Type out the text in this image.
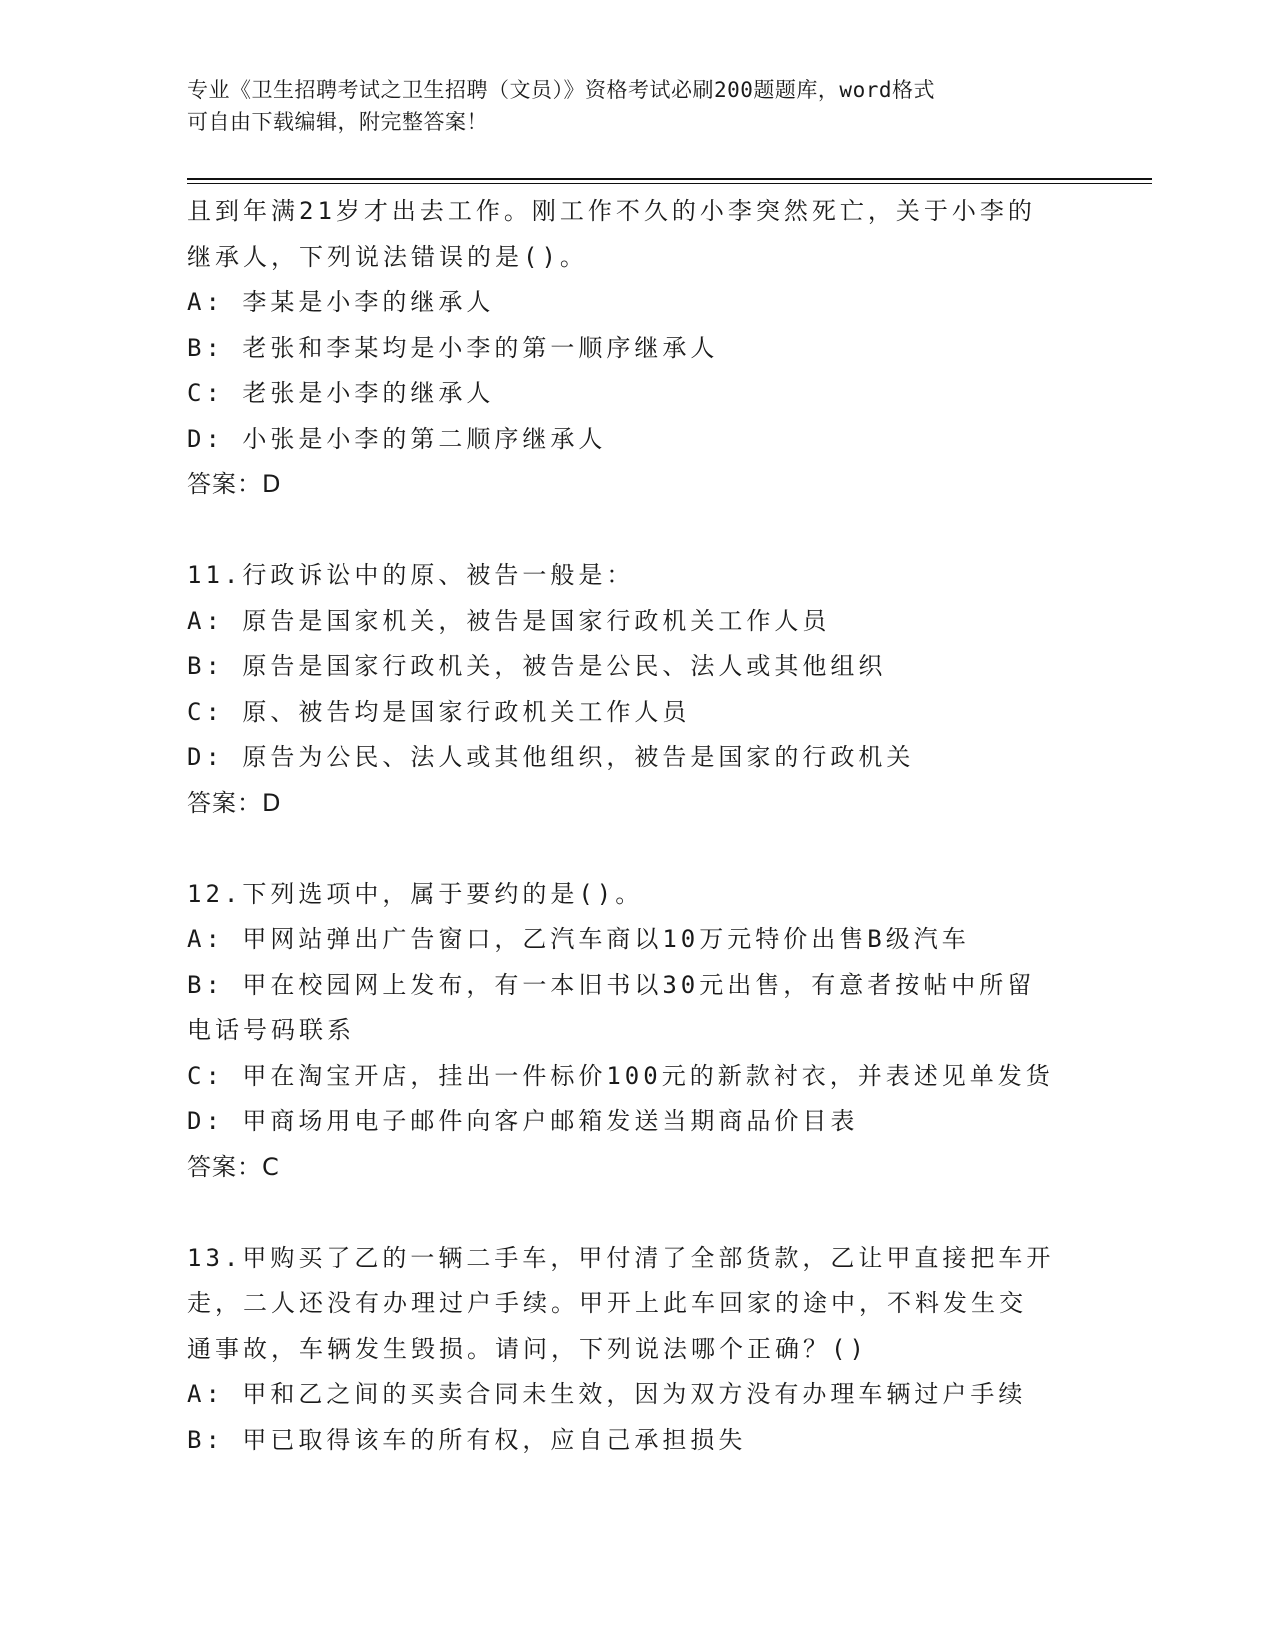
专业《卫生招聘考试之卫生招聘（文员）》资格考试必刷200题题库，word格式

可自由下载编辑，附完整答案！

且到年满21岁才出去工作。刚工作不久的小李突然死亡，关于小李的

继承人，下列说法错误的是()。

A: 李某是小李的继承人

B: 老张和李某均是小李的第一顺序继承人

C: 老张是小李的继承人

D: 小张是小李的第二顺序继承人

答案：D

11.行政诉讼中的原、被告一般是：

A: 原告是国家机关，被告是国家行政机关工作人员

B: 原告是国家行政机关，被告是公民、法人或其他组织

C: 原、被告均是国家行政机关工作人员

D: 原告为公民、法人或其他组织，被告是国家的行政机关

答案：D

12.下列选项中，属于要约的是()。

A: 甲网站弹出广告窗口，乙汽车商以10万元特价出售B级汽车

B: 甲在校园网上发布，有一本旧书以30元出售，有意者按帖中所留

电话号码联系

C: 甲在淘宝开店，挂出一件标价100元的新款衬衣，并表述见单发货

D: 甲商场用电子邮件向客户邮箱发送当期商品价目表

答案：C

13.甲购买了乙的一辆二手车，甲付清了全部货款，乙让甲直接把车开

走，二人还没有办理过户手续。甲开上此车回家的途中，不料发生交

通事故，车辆发生毁损。请问，下列说法哪个正确？()

A: 甲和乙之间的买卖合同未生效，因为双方没有办理车辆过户手续

B: 甲已取得该车的所有权，应自己承担损失
